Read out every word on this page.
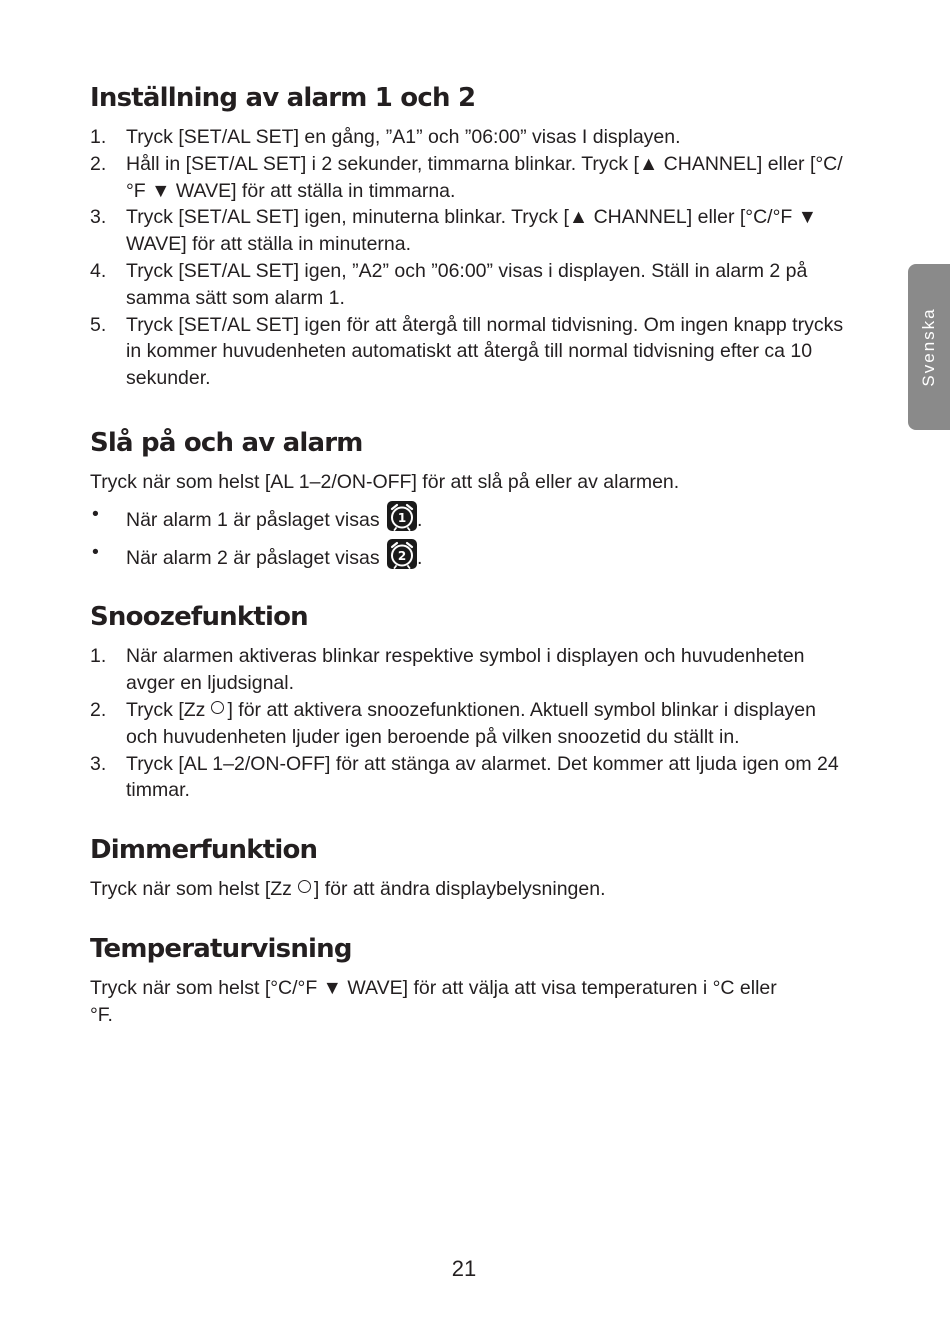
Svenska
Inställning av alarm 1 och 2
1. Tryck [SET/AL SET] en gång, ”A1” och ”06:00” visas I displayen.
2. Håll in [SET/AL SET] i 2 sekunder, timmarna blinkar. Tryck [▲ CHANNEL] eller [°C/°F ▼ WAVE] för att ställa in timmarna.
3. Tryck [SET/AL SET] igen, minuterna blinkar. Tryck [▲ CHANNEL] eller [°C/°F ▼ WAVE] för att ställa in minuterna.
4. Tryck [SET/AL SET] igen, ”A2” och ”06:00” visas i displayen. Ställ in alarm 2 på samma sätt som alarm 1.
5. Tryck [SET/AL SET] igen för att återgå till normal tidvisning. Om ingen knapp trycks in kommer huvudenheten automatiskt att återgå till normal tidvisning efter ca 10 sekunder.
Slå på och av alarm

Tryck när som helst [AL 1–2/ON-OFF] för att slå på eller av alarmen.

• När alarm 1 är påslaget visas 1 .
• När alarm 2 är påslaget visas 2 .
Snoozefunktion
1. När alarmen aktiveras blinkar respektive symbol i displayen och huvudenheten avger en ljudsignal.
2. Tryck [Zz ] för att aktivera snoozefunktionen. Aktuell symbol blinkar i displayen och huvudenheten ljuder igen beroende på vilken snoozetid du ställt in.
3. Tryck [AL 1–2/ON-OFF] för att stänga av alarmet. Det kommer att ljuda igen om 24 timmar.
Dimmerfunktion

Tryck när som helst [Zz ] för att ändra displaybelysningen.

Temperaturvisning

Tryck när som helst [°C/°F ▼ WAVE] för att välja att visa temperaturen i °C eller °F.

21
